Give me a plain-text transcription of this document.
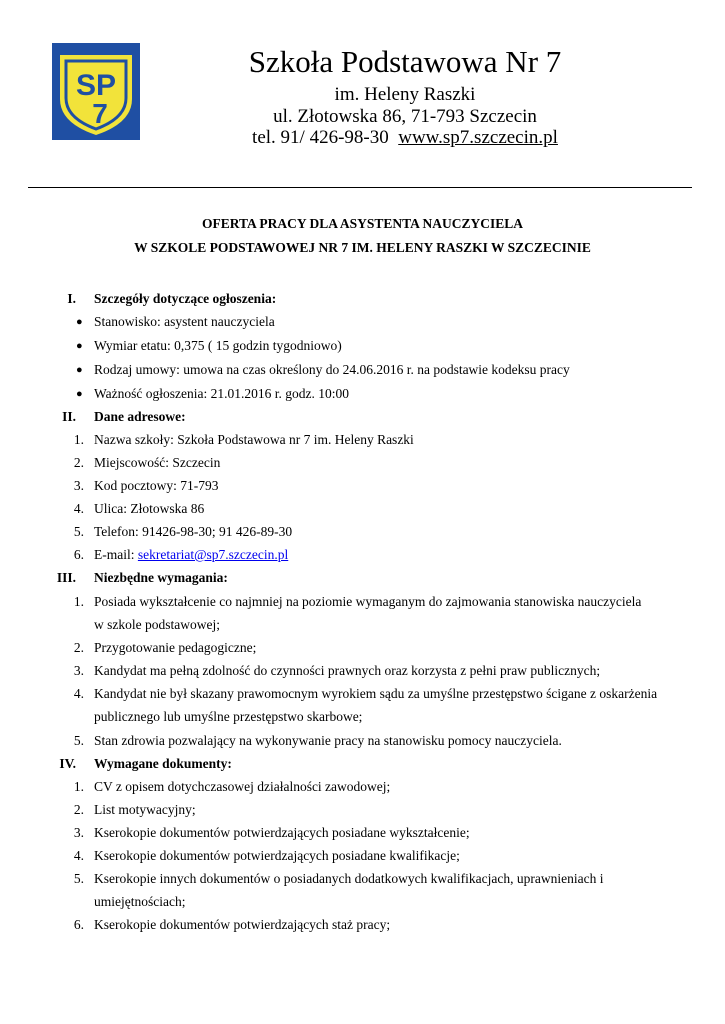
SP
7
Szkoła Podstawowa Nr 7
im. Heleny Raszki
ul. Złotowska 86, 71-793 Szczecin
tel. 91/ 426-98-30 www.sp7.szczecin.pl
OFERTA PRACY DLA ASYSTENTA NAUCZYCIELA
W SZKOLE PODSTAWOWEJ NR 7 IM. HELENY RASZKI W SZCZECINIE
I. Szczegóły dotyczące ogłoszenia:
● Stanowisko: asystent nauczyciela
● Wymiar etatu: 0,375 ( 15 godzin tygodniowo)
● Rodzaj umowy: umowa na czas określony do 24.06.2016 r. na podstawie kodeksu pracy
● Ważność ogłoszenia: 21.01.2016 r. godz. 10:00
II. Dane adresowe:
1. Nazwa szkoły: Szkoła Podstawowa nr 7 im. Heleny Raszki
2. Miejscowość: Szczecin
3. Kod pocztowy: 71-793
4. Ulica: Złotowska 86
5. Telefon: 91426-98-30; 91 426-89-30
6. E-mail: sekretariat@sp7.szczecin.pl
III. Niezbędne wymagania:
1. Posiada wykształcenie co najmniej na poziomie wymaganym do zajmowania stanowiska nauczyciela
w szkole podstawowej;
2. Przygotowanie pedagogiczne;
3. Kandydat ma pełną zdolność do czynności prawnych oraz korzysta z pełni praw publicznych;
4. Kandydat nie był skazany prawomocnym wyrokiem sądu za umyślne przestępstwo ścigane z oskarżenia
publicznego lub umyślne przestępstwo skarbowe;
5. Stan zdrowia pozwalający na wykonywanie pracy na stanowisku pomocy nauczyciela.
IV. Wymagane dokumenty:
1. CV z opisem dotychczasowej działalności zawodowej;
2. List motywacyjny;
3. Kserokopie dokumentów potwierdzających posiadane wykształcenie;
4. Kserokopie dokumentów potwierdzających posiadane kwalifikacje;
5. Kserokopie innych dokumentów o posiadanych dodatkowych kwalifikacjach, uprawnieniach i
umiejętnościach;
6. Kserokopie dokumentów potwierdzających staż pracy;
